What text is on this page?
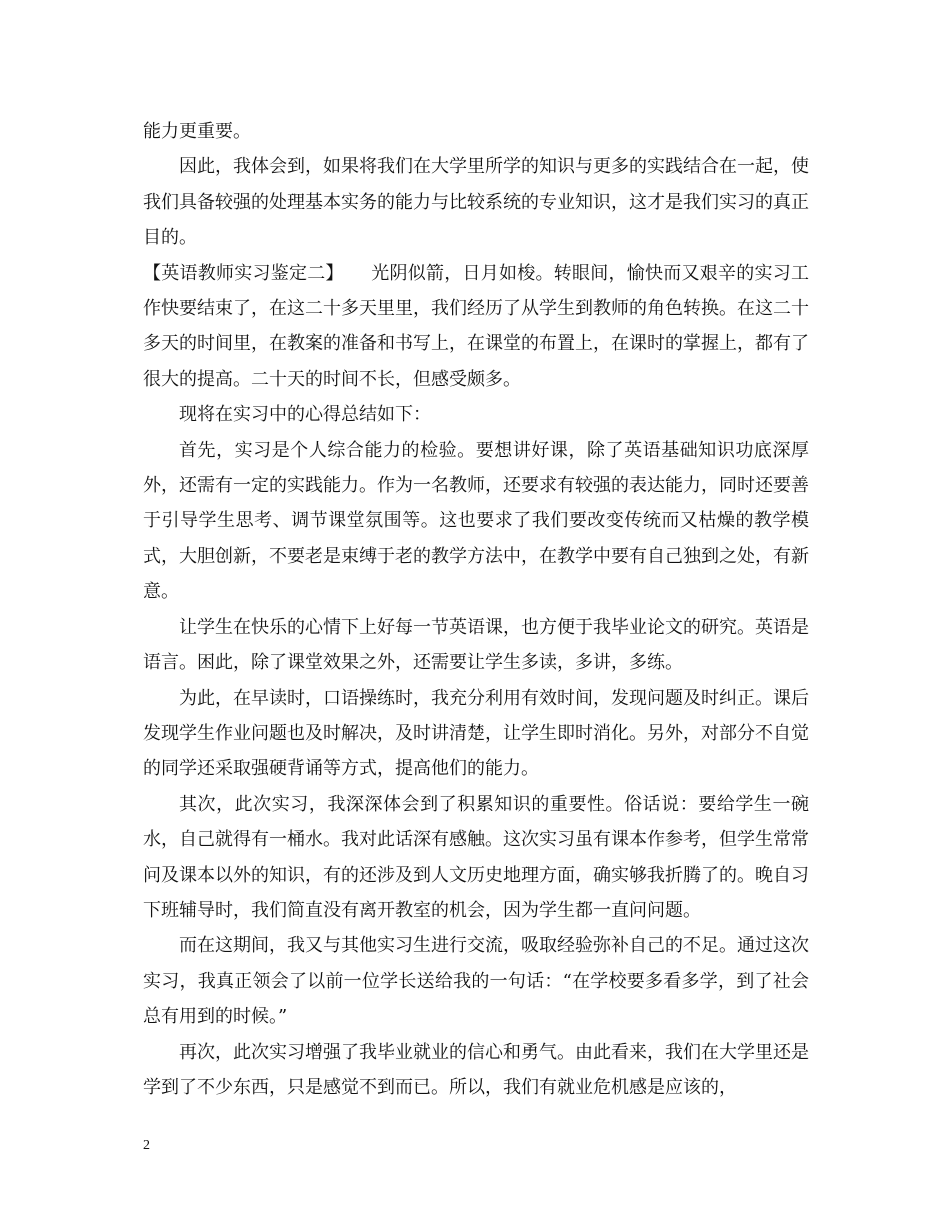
能力更重要。

因此，我体会到，如果将我们在大学里所学的知识与更多的实践结合在一起，使我们具备较强的处理基本实务的能力与比较系统的专业知识，这才是我们实习的真正目的。

【英语教师实习鉴定二】　　光阴似箭，日月如梭。转眼间，愉快而又艰辛的实习工作快要结束了，在这二十多天里里，我们经历了从学生到教师的角色转换。在这二十多天的时间里，在教案的准备和书写上，在课堂的布置上，在课时的掌握上，都有了很大的提高。二十天的时间不长，但感受颇多。

现将在实习中的心得总结如下：

首先，实习是个人综合能力的检验。要想讲好课，除了英语基础知识功底深厚外，还需有一定的实践能力。作为一名教师，还要求有较强的表达能力，同时还要善于引导学生思考、调节课堂氛围等。这也要求了我们要改变传统而又枯燥的教学模式，大胆创新，不要老是束缚于老的教学方法中，在教学中要有自己独到之处，有新意。

让学生在快乐的心情下上好每一节英语课，也方便于我毕业论文的研究。英语是语言。困此，除了课堂效果之外，还需要让学生多读，多讲，多练。

为此，在早读时，口语操练时，我充分利用有效时间，发现问题及时纠正。课后发现学生作业问题也及时解决，及时讲清楚，让学生即时消化。另外，对部分不自觉的同学还采取强硬背诵等方式，提高他们的能力。

其次，此次实习，我深深体会到了积累知识的重要性。俗话说：要给学生一碗水，自己就得有一桶水。我对此话深有感触。这次实习虽有课本作参考，但学生常常问及课本以外的知识，有的还涉及到人文历史地理方面，确实够我折腾了的。晚自习下班辅导时，我们简直没有离开教室的机会，因为学生都一直问问题。

而在这期间，我又与其他实习生进行交流，吸取经验弥补自己的不足。通过这次实习，我真正领会了以前一位学长送给我的一句话：“在学校要多看多学，到了社会总有用到的时候。”

再次，此次实习增强了我毕业就业的信心和勇气。由此看来，我们在大学里还是学到了不少东西，只是感觉不到而已。所以，我们有就业危机感是应该的，

2
